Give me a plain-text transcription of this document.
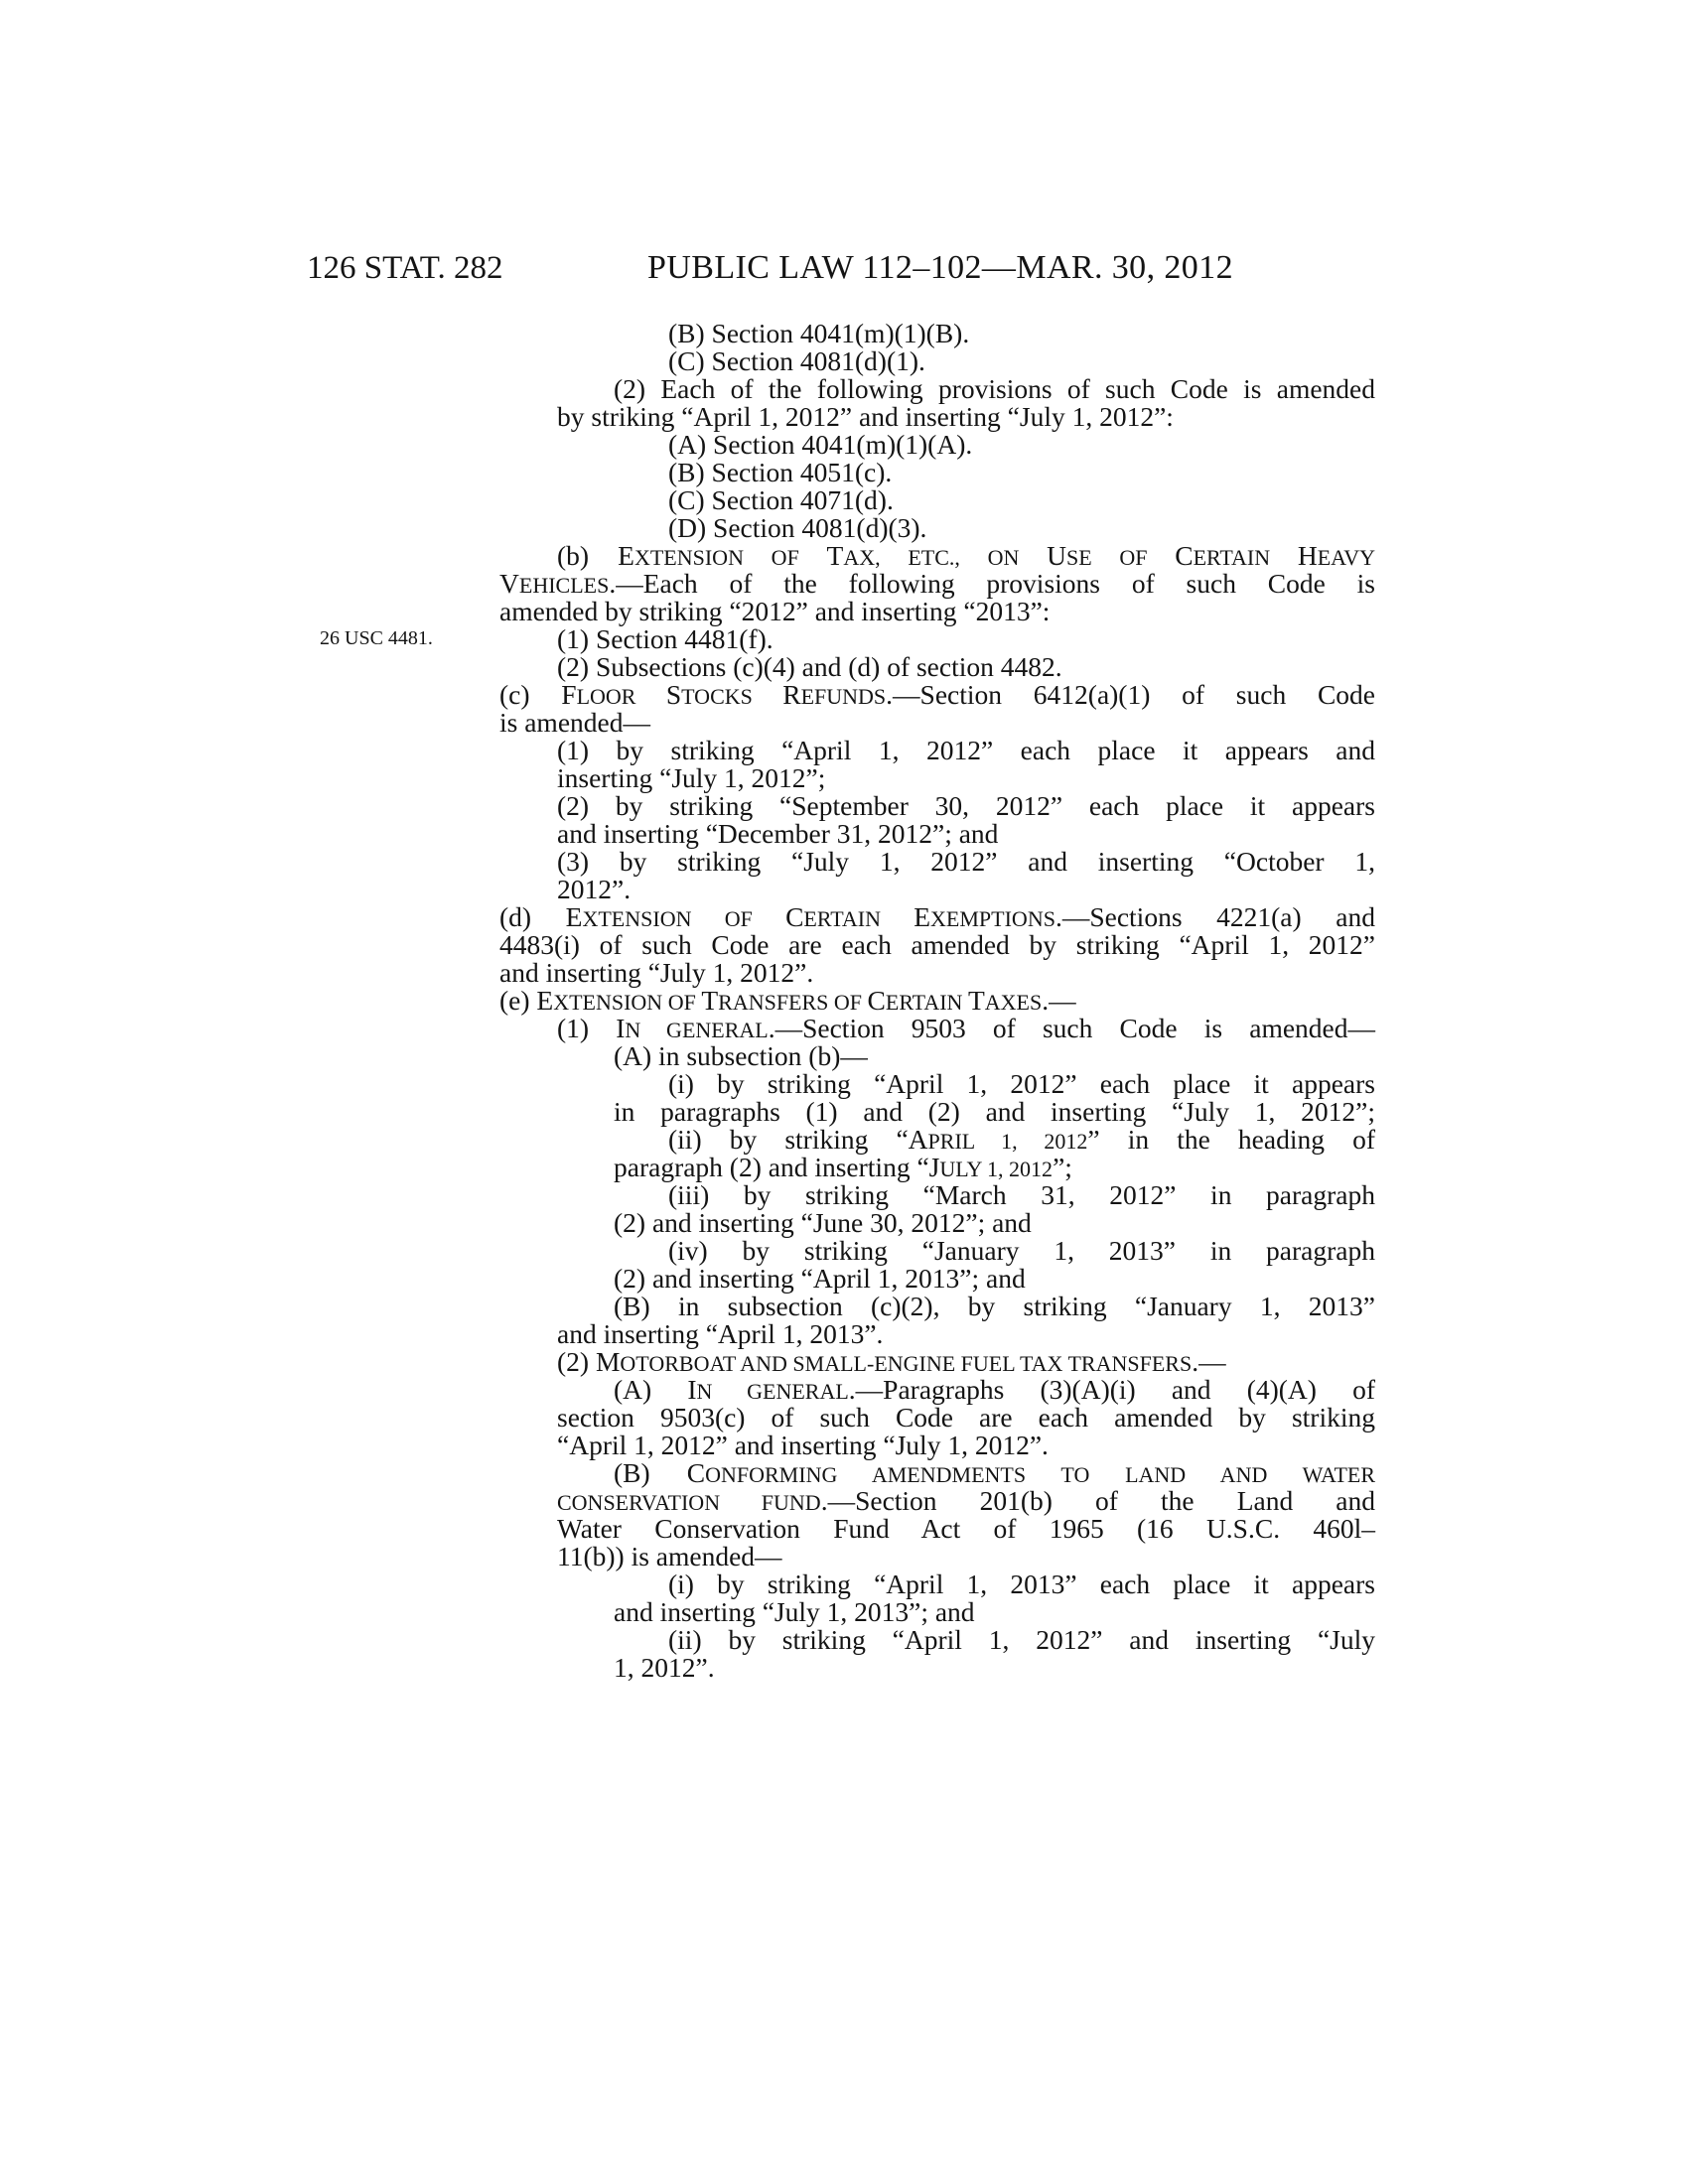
126 STAT. 282	PUBLIC LAW 112–102—MAR. 30, 2012
26 USC 4481.
(B) Section 4041(m)(1)(B).
(C) Section 4081(d)(1).
(2) Each of the following provisions of such Code is amended
by striking “April 1, 2012” and inserting “July 1, 2012”:
(A) Section 4041(m)(1)(A).
(B) Section 4051(c).
(C) Section 4071(d).
(D) Section 4081(d)(3).
(b) EXTENSION OF TAX, ETC., ON USE OF CERTAIN HEAVY
VEHICLES.—Each of the following provisions of such Code is
amended by striking “2012” and inserting “2013”:
(1) Section 4481(f).
(2) Subsections (c)(4) and (d) of section 4482.
(c) FLOOR STOCKS REFUNDS.—Section 6412(a)(1) of such Code
is amended—
(1) by striking “April 1, 2012” each place it appears and
inserting “July 1, 2012”;
(2) by striking “September 30, 2012” each place it appears
and inserting “December 31, 2012”; and
(3) by striking “July 1, 2012” and inserting “October 1,
2012”.
(d) EXTENSION OF CERTAIN EXEMPTIONS.—Sections 4221(a) and
4483(i) of such Code are each amended by striking “April 1, 2012”
and inserting “July 1, 2012”.
(e) EXTENSION OF TRANSFERS OF CERTAIN TAXES.—
(1) IN GENERAL.—Section 9503 of such Code is amended—
(A) in subsection (b)—
(i) by striking “April 1, 2012” each place it appears
in paragraphs (1) and (2) and inserting “July 1, 2012”;
(ii) by striking “APRIL 1, 2012” in the heading of
paragraph (2) and inserting “JULY 1, 2012”;
(iii) by striking “March 31, 2012” in paragraph
(2) and inserting “June 30, 2012”; and
(iv) by striking “January 1, 2013” in paragraph
(2) and inserting “April 1, 2013”; and
(B) in subsection (c)(2), by striking “January 1, 2013”
and inserting “April 1, 2013”.
(2) MOTORBOAT AND SMALL-ENGINE FUEL TAX TRANSFERS.—
(A) IN GENERAL.—Paragraphs (3)(A)(i) and (4)(A) of
section 9503(c) of such Code are each amended by striking
“April 1, 2012” and inserting “July 1, 2012”.
(B) CONFORMING AMENDMENTS TO LAND AND WATER
CONSERVATION FUND.—Section 201(b) of the Land and
Water Conservation Fund Act of 1965 (16 U.S.C. 460l–
11(b)) is amended—
(i) by striking “April 1, 2013” each place it appears
and inserting “July 1, 2013”; and
(ii) by striking “April 1, 2012” and inserting “July
1, 2012”.
